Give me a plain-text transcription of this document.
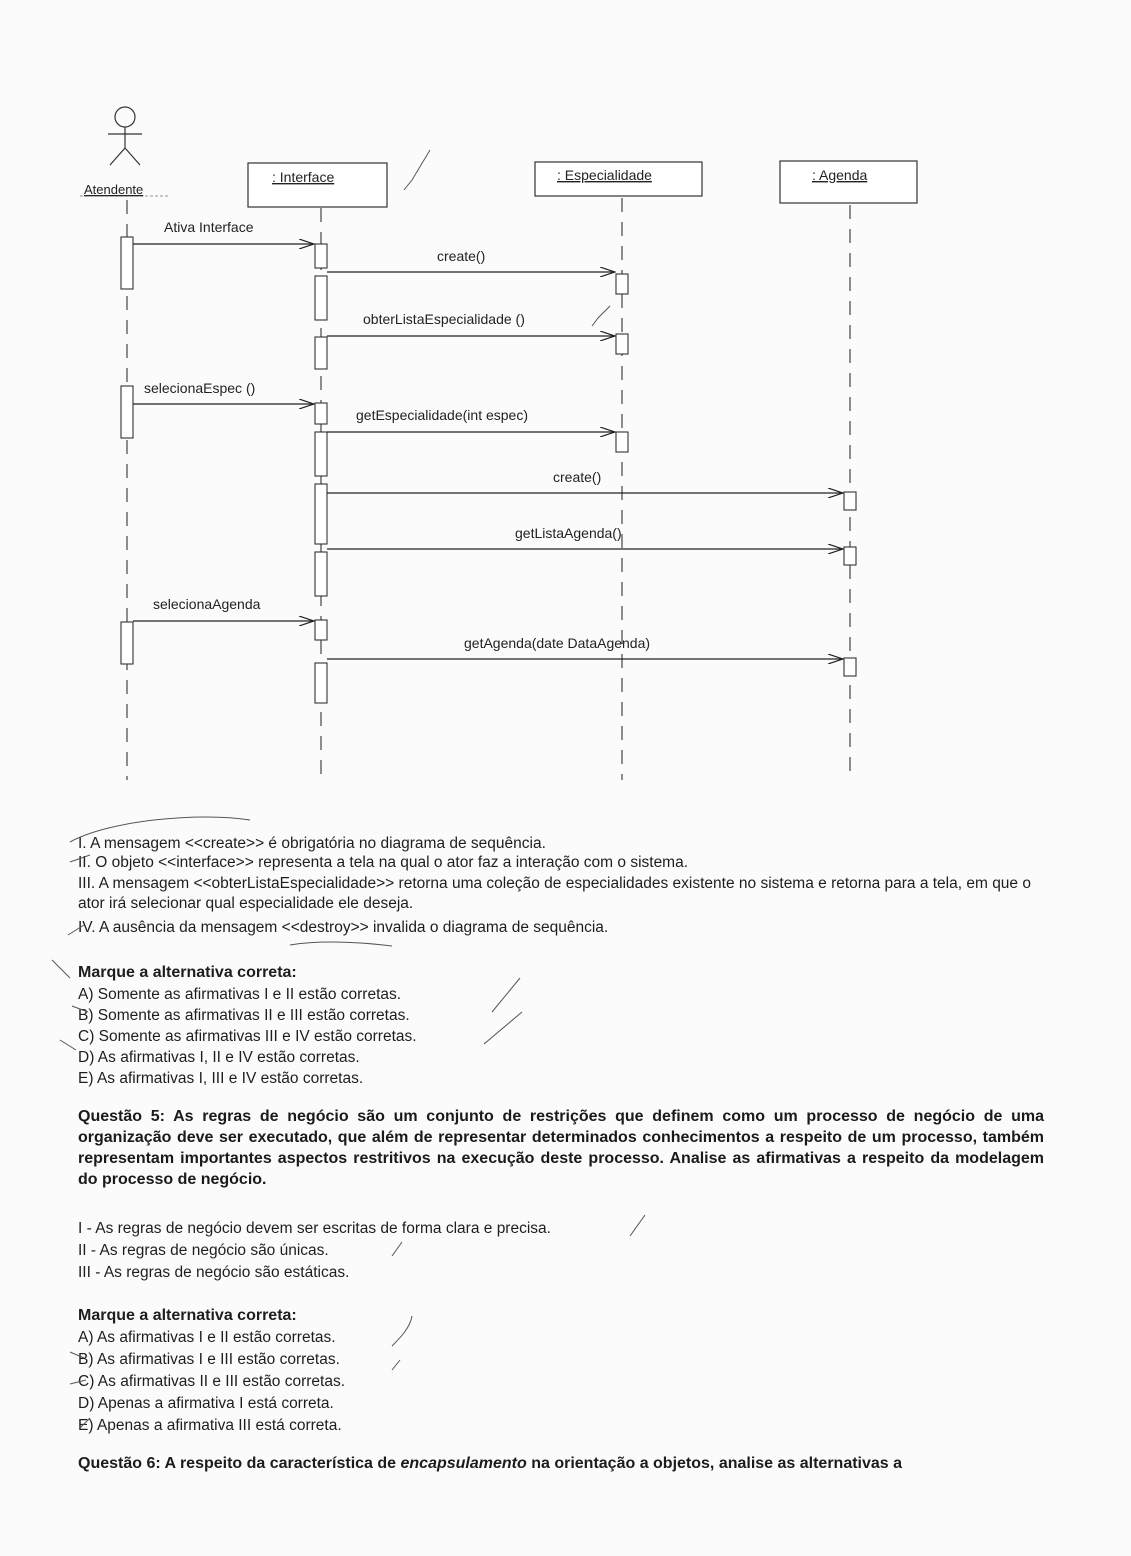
Atendente
: Interface	: Especialidade	: Agenda
Ativa Interface
create()
obterListaEspecialidade ()
selecionaEspec ()
getEspecialidade(int espec)
create()
getListaAgenda()
selecionaAgenda
getAgenda(date DataAgenda)
I. A mensagem <<create>> é obrigatória no diagrama de sequência.
II. O objeto <<interface>> representa a tela na qual o ator faz a interação com o sistema.
III. A mensagem <<obterListaEspecialidade>> retorna uma coleção de especialidades existente no sistema e retorna para a tela, em que o ator irá selecionar qual especialidade ele deseja.
IV. A ausência da mensagem <<destroy>> invalida o diagrama de sequência.
Marque a alternativa correta:
A) Somente as afirmativas I e II estão corretas.
B) Somente as afirmativas II e III estão corretas.
C) Somente as afirmativas III e IV estão corretas.
D) As afirmativas I, II e IV estão corretas.
E) As afirmativas I, III e IV estão corretas.
Questão 5: As regras de negócio são um conjunto de restrições que definem como um processo de negócio de uma organização deve ser executado, que além de representar determinados conhecimentos a respeito de um processo, também representam importantes aspectos restritivos na execução deste processo. Analise as afirmativas a respeito da modelagem do processo de negócio.
I - As regras de negócio devem ser escritas de forma clara e precisa.
II - As regras de negócio são únicas.
III - As regras de negócio são estáticas.
Marque a alternativa correta:
A) As afirmativas I e II estão corretas.
B) As afirmativas I e III estão corretas.
C) As afirmativas II e III estão corretas.
D) Apenas a afirmativa I está correta.
E) Apenas a afirmativa III está correta.
Questão 6: A respeito da característica de encapsulamento na orientação a objetos, analise as alternativas a
